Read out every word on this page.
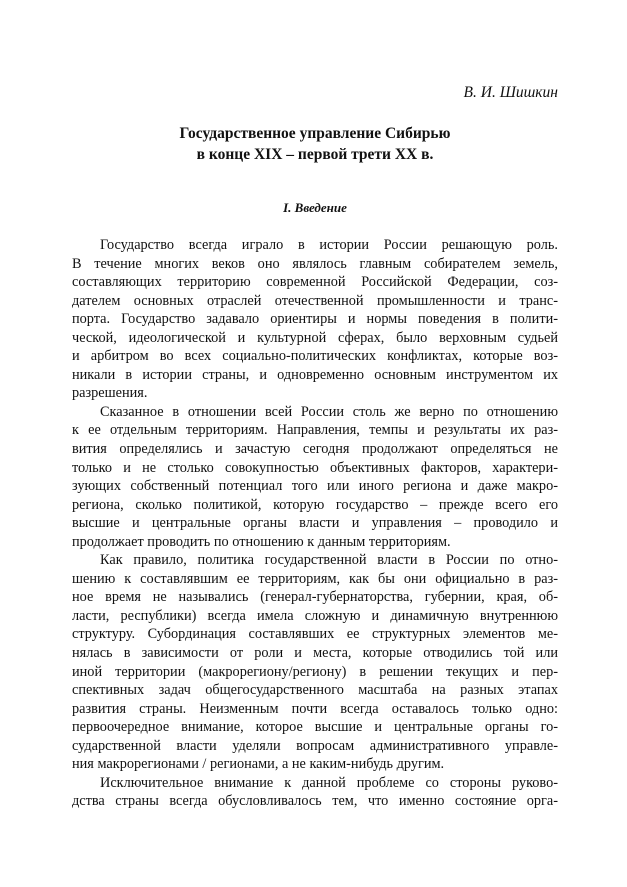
В. И. Шишкин

Государственное управление Сибирью
в конце XIX – первой трети XX в.
I. Введение
Государство всегда играло в истории России решающую роль.
В течение многих веков оно являлось главным собирателем земель,
составляющих территорию современной Российской Федерации, соз-
дателем основных отраслей отечественной промышленности и транс-
порта. Государство задавало ориентиры и нормы поведения в полити-
ческой, идеологической и культурной сферах, было верховным судьей
и арбитром во всех социально-политических конфликтах, которые воз-
никали в истории страны, и одновременно основным инструментом их
разрешения.
Сказанное в отношении всей России столь же верно по отношению
к ее отдельным территориям. Направления, темпы и результаты их раз-
вития определялись и зачастую сегодня продолжают определяться не
только и не столько совокупностью объективных факторов, характери-
зующих собственный потенциал того или иного региона и даже макро-
региона, сколько политикой, которую государство – прежде всего его
высшие и центральные органы власти и управления – проводило и
продолжает проводить по отношению к данным территориям.
Как правило, политика государственной власти в России по отно-
шению к составлявшим ее территориям, как бы они официально в раз-
ное время не назывались (генерал-губернаторства, губернии, края, об-
ласти, республики) всегда имела сложную и динамичную внутреннюю
структуру. Субординация составлявших ее структурных элементов ме-
нялась в зависимости от роли и места, которые отводились той или
иной территории (макрорегиону/региону) в решении текущих и пер-
спективных задач общегосударственного масштаба на разных этапах
развития страны. Неизменным почти всегда оставалось только одно:
первоочередное внимание, которое высшие и центральные органы го-
сударственной власти уделяли вопросам административного управле-
ния макрорегионами / регионами, а не каким-нибудь другим.
Исключительное внимание к данной проблеме со стороны руково-
дства страны всегда обусловливалось тем, что именно состояние орга-
